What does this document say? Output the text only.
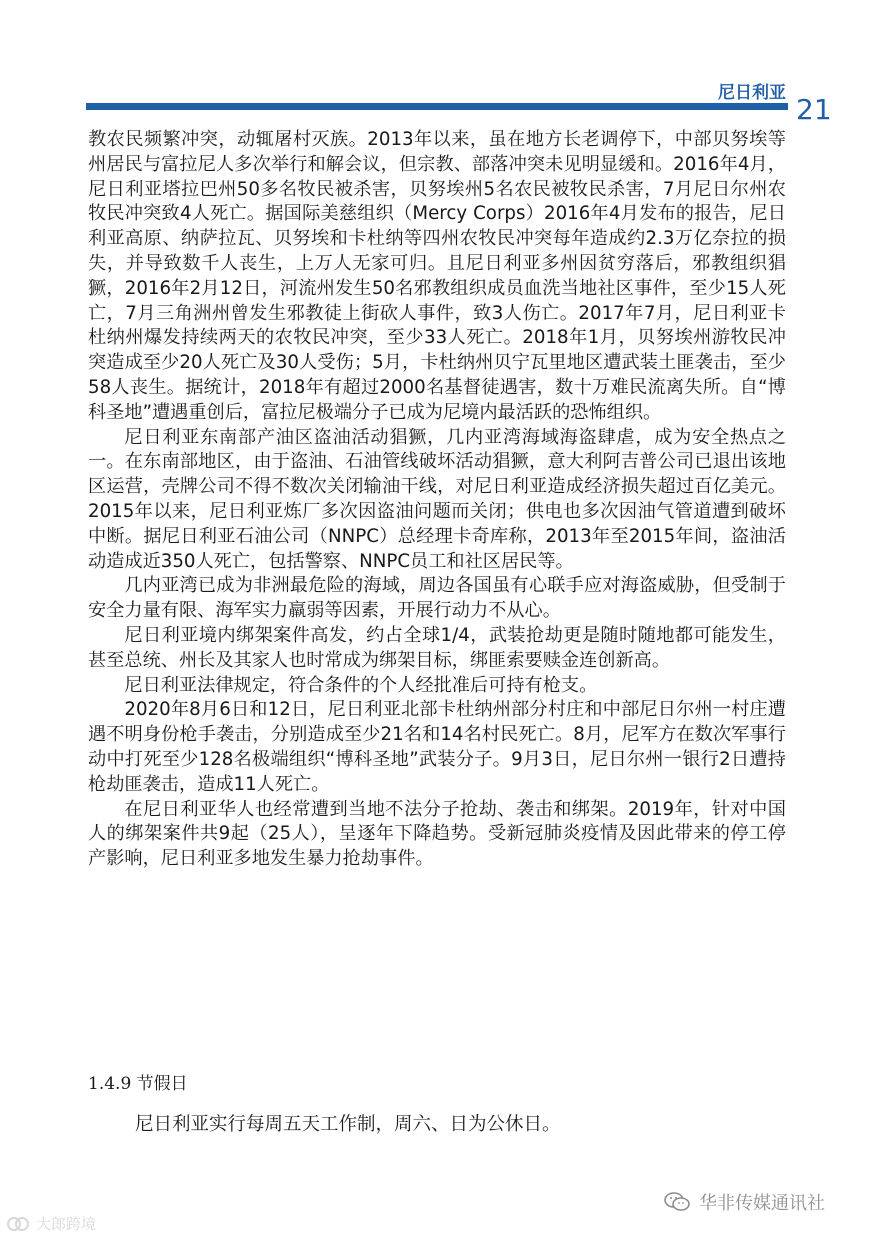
尼日利亚 21

教农民频繁冲突，动辄屠村灭族。2013年以来，虽在地方长老调停下，中部贝努埃等州居民与富拉尼人多次举行和解会议，但宗教、部落冲突未见明显缓和。2016年4月，尼日利亚塔拉巴州50多名牧民被杀害，贝努埃州5名农民被牧民杀害，7月尼日尔州农牧民冲突致4人死亡。据国际美慈组织（Mercy Corps）2016年4月发布的报告，尼日利亚高原、纳萨拉瓦、贝努埃和卡杜纳等四州农牧民冲突每年造成约2.3万亿奈拉的损失，并导致数千人丧生，上万人无家可归。且尼日利亚多州因贫穷落后，邪教组织猖獗，2016年2月12日，河流州发生50名邪教组织成员血洗当地社区事件，至少15人死亡，7月三角洲州曾发生邪教徒上街砍人事件，致3人伤亡。2017年7月，尼日利亚卡杜纳州爆发持续两天的农牧民冲突，至少33人死亡。2018年1月，贝努埃州游牧民冲突造成至少20人死亡及30人受伤；5月，卡杜纳州贝宁瓦里地区遭武装土匪袭击，至少58人丧生。据统计，2018年有超过2000名基督徒遇害，数十万难民流离失所。自“博科圣地”遭遇重创后，富拉尼极端分子已成为尼境内最活跃的恐怖组织。

尼日利亚东南部产油区盗油活动猖獗，几内亚湾海域海盗肆虐，成为安全热点之一。在东南部地区，由于盗油、石油管线破坏活动猖獗，意大利阿吉普公司已退出该地区运营，壳牌公司不得不数次关闭输油干线，对尼日利亚造成经济损失超过百亿美元。2015年以来，尼日利亚炼厂多次因盗油问题而关闭；供电也多次因油气管道遭到破坏中断。据尼日利亚石油公司（NNPC）总经理卡奇库称，2013年至2015年间，盗油活动造成近350人死亡，包括警察、NNPC员工和社区居民等。

几内亚湾已成为非洲最危险的海域，周边各国虽有心联手应对海盗威胁，但受制于安全力量有限、海军实力羸弱等因素，开展行动力不从心。

尼日利亚境内绑架案件高发，约占全球1/4，武装抢劫更是随时随地都可能发生，甚至总统、州长及其家人也时常成为绑架目标，绑匪索要赎金连创新高。

尼日利亚法律规定，符合条件的个人经批准后可持有枪支。

2020年8月6日和12日，尼日利亚北部卡杜纳州部分村庄和中部尼日尔州一村庄遭遇不明身份枪手袭击，分别造成至少21名和14名村民死亡。8月，尼军方在数次军事行动中打死至少128名极端组织“博科圣地”武装分子。9月3日，尼日尔州一银行2日遭持枪劫匪袭击，造成11人死亡。

在尼日利亚华人也经常遭到当地不法分子抢劫、袭击和绑架。2019年，针对中国人的绑架案件共9起（25人），呈逐年下降趋势。受新冠肺炎疫情及因此带来的停工停产影响，尼日利亚多地发生暴力抢劫事件。

1.4.9 节假日
尼日利亚实行每周五天工作制，周六、日为公休日。
大郎跨境
华非传媒通讯社
